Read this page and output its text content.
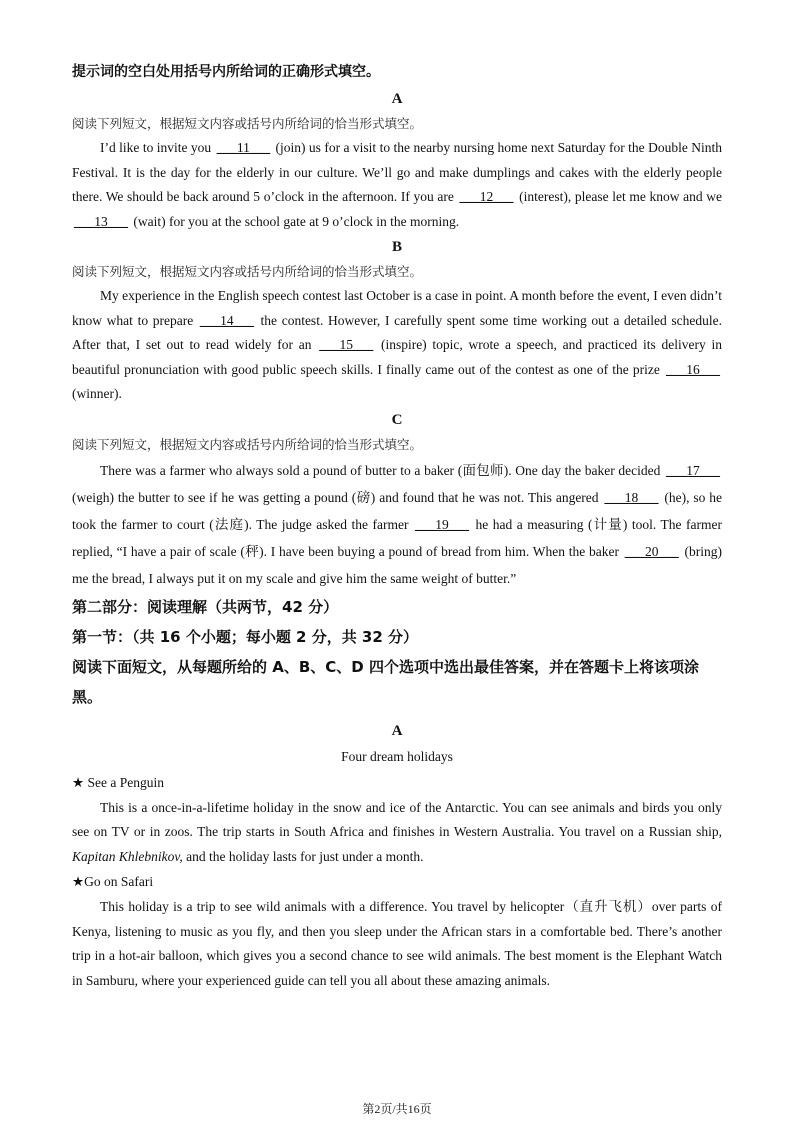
提示词的空白处用括号内所给词的正确形式填空。

A

阅读下列短文，根据短文内容或括号内所给词的恰当形式填空。

I’d like to invite you ___11___ (join) us for a visit to the nearby nursing home next Saturday for the Double Ninth Festival. It is the day for the elderly in our culture. We’ll go and make dumplings and cakes with the elderly people there. We should be back around 5 o’clock in the afternoon. If you are ___12___ (interest), please let me know and we ___13___ (wait) for you at the school gate at 9 o’clock in the morning.

B

阅读下列短文，根据短文内容或括号内所给词的恰当形式填空。

My experience in the English speech contest last October is a case in point. A month before the event, I even didn’t know what to prepare ___14___ the contest. However, I carefully spent some time working out a detailed schedule. After that, I set out to read widely for an ___15___ (inspire) topic, wrote a speech, and practiced its delivery in beautiful pronunciation with good public speech skills. I finally came out of the contest as one of the prize ___16___ (winner).

C

阅读下列短文，根据短文内容或括号内所给词的恰当形式填空。

There was a farmer who always sold a pound of butter to a baker (面包师). One day the baker decided ___17___ (weigh) the butter to see if he was getting a pound (磅) and found that he was not. This angered ___18___ (he), so he took the farmer to court (法庭). The judge asked the farmer ___19___ he had a measuring (计量) tool. The farmer replied, “I have a pair of scale (秤). I have been buying a pound of bread from him. When the baker ___20___ (bring) me the bread, I always put it on my scale and give him the same weight of butter.”

第二部分：阅读理解（共两节，42 分）

第一节：（共 16 个小题；每小题 2 分，共 32 分）

阅读下面短文，从每题所给的 A、B、C、D 四个选项中选出最佳答案，并在答题卡上将该项涂黑。

A

Four dream holidays

★ See a Penguin

This is a once-in-a-lifetime holiday in the snow and ice of the Antarctic. You can see animals and birds you only see on TV or in zoos. The trip starts in South Africa and finishes in Western Australia. You travel on a Russian ship, Kapitan Khlebnikov, and the holiday lasts for just under a month.

★Go on Safari

This holiday is a trip to see wild animals with a difference. You travel by helicopter（直升飞机）over parts of Kenya, listening to music as you fly, and then you sleep under the African stars in a comfortable bed. There’s another trip in a hot-air balloon, which gives you a second chance to see wild animals. The best moment is the Elephant Watch in Samburu, where your experienced guide can tell you all about these amazing animals.

第2页/共16页
